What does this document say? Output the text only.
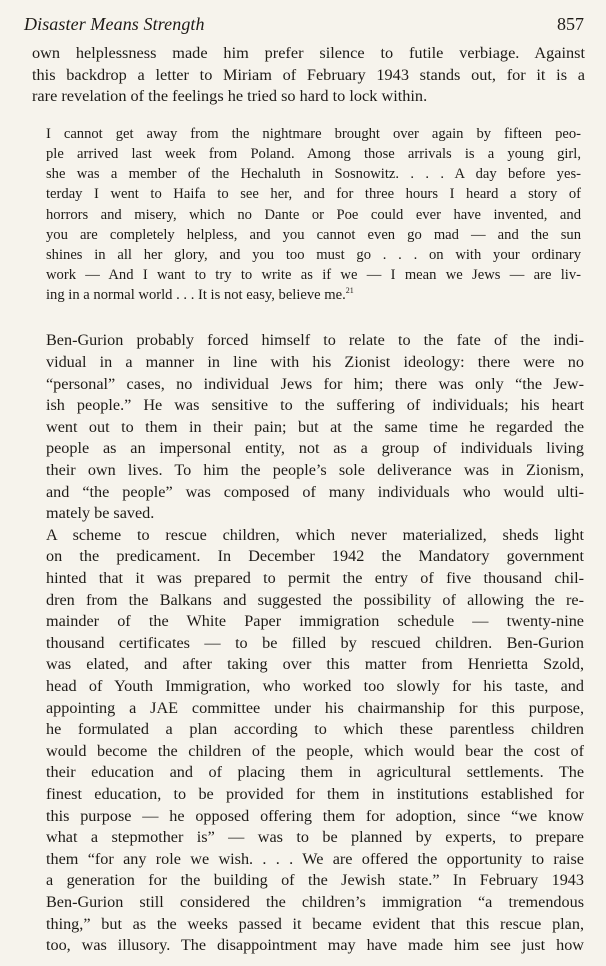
Disaster Means Strength	857
own helplessness made him prefer silence to futile verbiage. Against
this backdrop a letter to Miriam of February 1943 stands out, for it is a
rare revelation of the feelings he tried so hard to lock within.
I cannot get away from the nightmare brought over again by fifteen peo-
ple arrived last week from Poland. Among those arrivals is a young girl,
she was a member of the Hechaluth in Sosnowitz. . . . A day before yes-
terday I went to Haifa to see her, and for three hours I heard a story of
horrors and misery, which no Dante or Poe could ever have invented, and
you are completely helpless, and you cannot even go mad — and the sun
shines in all her glory, and you too must go . . . on with your ordinary
work — And I want to try to write as if we — I mean we Jews — are liv-
ing in a normal world . . . It is not easy, believe me.$^{21}$
Ben-Gurion probably forced himself to relate to the fate of the indi-
vidual in a manner in line with his Zionist ideology: there were no
“personal” cases, no individual Jews for him; there was only “the Jew-
ish people.” He was sensitive to the suffering of individuals; his heart
went out to them in their pain; but at the same time he regarded the
people as an impersonal entity, not as a group of individuals living
their own lives. To him the people’s sole deliverance was in Zionism,
and “the people” was composed of many individuals who would ulti-
mately be saved.
A scheme to rescue children, which never materialized, sheds light
on the predicament. In December 1942 the Mandatory government
hinted that it was prepared to permit the entry of five thousand chil-
dren from the Balkans and suggested the possibility of allowing the re-
mainder of the White Paper immigration schedule — twenty-nine
thousand certificates — to be filled by rescued children. Ben-Gurion
was elated, and after taking over this matter from Henrietta Szold,
head of Youth Immigration, who worked too slowly for his taste, and
appointing a JAE committee under his chairmanship for this purpose,
he formulated a plan according to which these parentless children
would become the children of the people, which would bear the cost of
their education and of placing them in agricultural settlements. The
finest education, to be provided for them in institutions established for
this purpose — he opposed offering them for adoption, since “we know
what a stepmother is” — was to be planned by experts, to prepare
them “for any role we wish. . . . We are offered the opportunity to raise
a generation for the building of the Jewish state.” In February 1943
Ben-Gurion still considered the children’s immigration “a tremendous
thing,” but as the weeks passed it became evident that this rescue plan,
too, was illusory. The disappointment may have made him see just how
